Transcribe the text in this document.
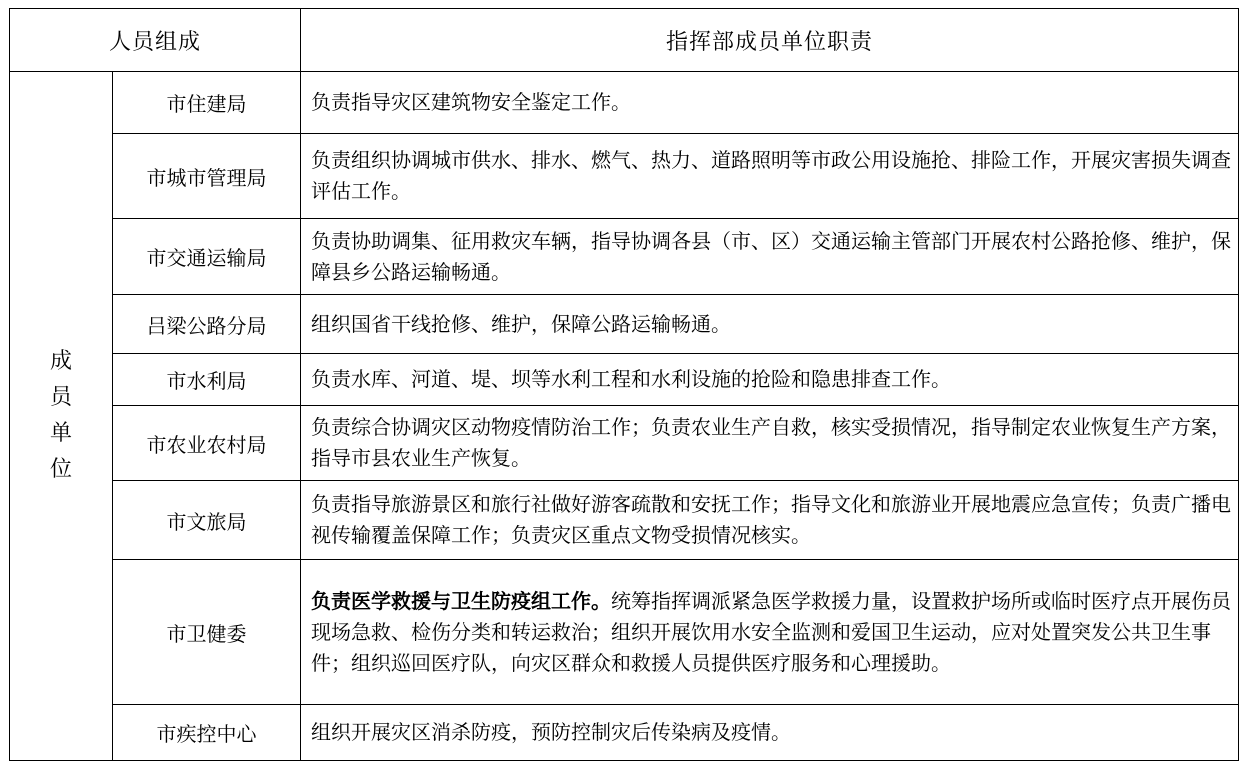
人员组成		指挥部成员单位职责

成
员
单
位	市住建局	负责指导灾区建筑物安全鉴定工作。
	市城市管理局	负责组织协调城市供水、排水、燃气、热力、道路照明等市政公用设施抢、排险工作，开展灾害损失调查评估工作。
	市交通运输局	负责协助调集、征用救灾车辆，指导协调各县（市、区）交通运输主管部门开展农村公路抢修、维护，保障县乡公路运输畅通。
	吕梁公路分局	组织国省干线抢修、维护，保障公路运输畅通。
	市水利局	负责水库、河道、堤、坝等水利工程和水利设施的抢险和隐患排查工作。
	市农业农村局	负责综合协调灾区动物疫情防治工作；负责农业生产自救，核实受损情况，指导制定农业恢复生产方案，指导市县农业生产恢复。
	市文旅局	负责指导旅游景区和旅行社做好游客疏散和安抚工作；指导文化和旅游业开展地震应急宣传；负责广播电视传输覆盖保障工作；负责灾区重点文物受损情况核实。
	市卫健委	负责医学救援与卫生防疫组工作。统筹指挥调派紧急医学救援力量，设置救护场所或临时医疗点开展伤员现场急救、检伤分类和转运救治；组织开展饮用水安全监测和爱国卫生运动，应对处置突发公共卫生事件；组织巡回医疗队，向灾区群众和救援人员提供医疗服务和心理援助。
	市疾控中心	组织开展灾区消杀防疫，预防控制灾后传染病及疫情。
